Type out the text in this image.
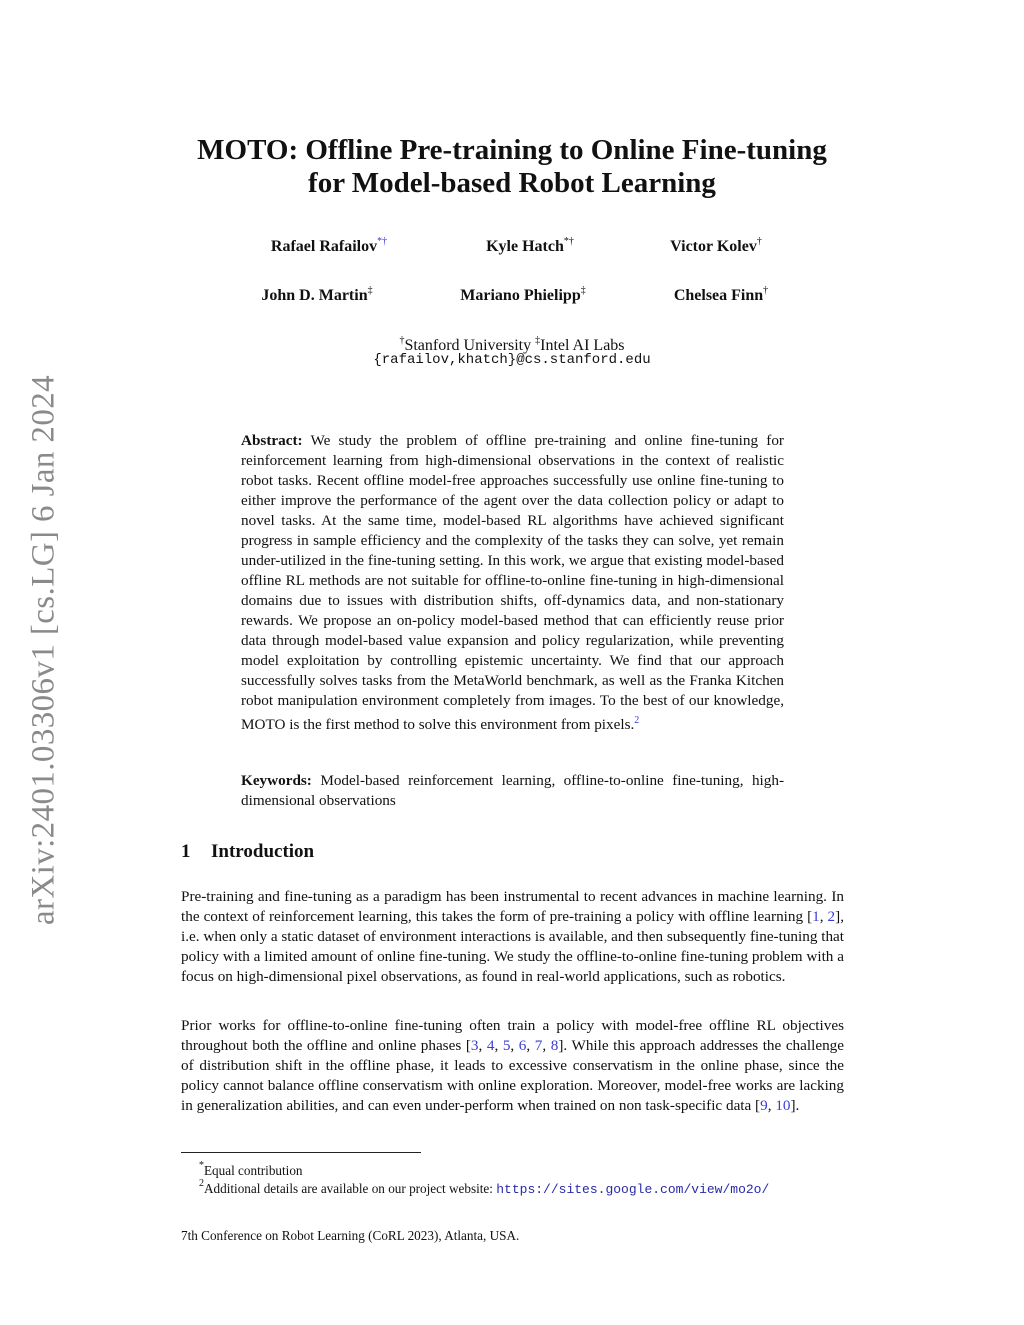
arXiv:2401.03306v1 [cs.LG] 6 Jan 2024
MOTO: Offline Pre-training to Online Fine-tuning
for Model-based Robot Learning
Rafael Rafailov*†	Kyle Hatch*†	Victor Kolev†
John D. Martin‡	Mariano Phielipp‡	Chelsea Finn†
†Stanford University ‡Intel AI Labs
{rafailov,khatch}@cs.stanford.edu

Abstract: We study the problem of offline pre-training and online fine-tuning for reinforcement learning from high-dimensional observations in the context of realistic robot tasks. Recent offline model-free approaches successfully use online fine-tuning to either improve the performance of the agent over the data collection policy or adapt to novel tasks. At the same time, model-based RL algorithms have achieved significant progress in sample efficiency and the complexity of the tasks they can solve, yet remain under-utilized in the fine-tuning setting. In this work, we argue that existing model-based offline RL methods are not suitable for offline-to-online fine-tuning in high-dimensional domains due to issues with distribution shifts, off-dynamics data, and non-stationary rewards. We propose an on-policy model-based method that can efficiently reuse prior data through model-based value expansion and policy regularization, while preventing model exploitation by controlling epistemic uncertainty. We find that our approach successfully solves tasks from the MetaWorld benchmark, as well as the Franka Kitchen robot manipulation environment completely from images. To the best of our knowledge, MOTO is the first method to solve this environment from pixels.$^2$

Keywords: Model-based reinforcement learning, offline-to-online fine-tuning, high-dimensional observations

1 Introduction

Pre-training and fine-tuning as a paradigm has been instrumental to recent advances in machine learning. In the context of reinforcement learning, this takes the form of pre-training a policy with offline learning [1, 2], i.e. when only a static dataset of environment interactions is available, and then subsequently fine-tuning that policy with a limited amount of online fine-tuning. We study the offline-to-online fine-tuning problem with a focus on high-dimensional pixel observations, as found in real-world applications, such as robotics.

Prior works for offline-to-online fine-tuning often train a policy with model-free offline RL objectives throughout both the offline and online phases [3, 4, 5, 6, 7, 8]. While this approach addresses the challenge of distribution shift in the offline phase, it leads to excessive conservatism in the online phase, since the policy cannot balance offline conservatism with online exploration. Moreover, model-free works are lacking in generalization abilities, and can even under-perform when trained on non task-specific data [9, 10].

*Equal contribution
$^2$Additional details are available on our project website: https://sites.google.com/view/mo2o/
7th Conference on Robot Learning (CoRL 2023), Atlanta, USA.
